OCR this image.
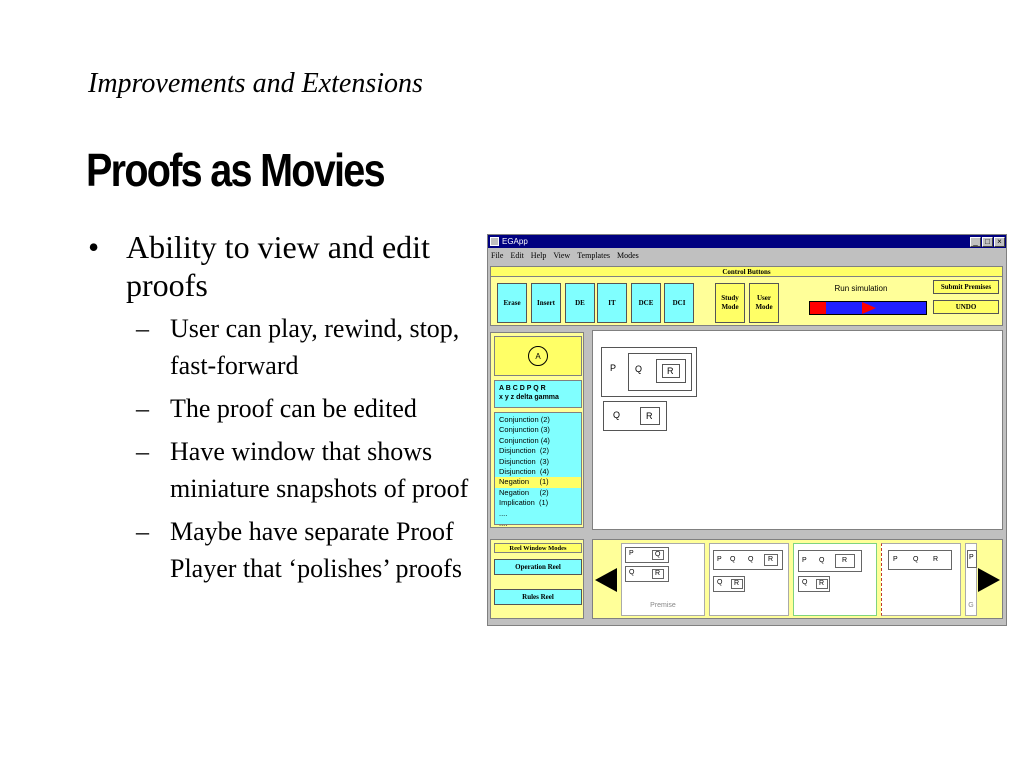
Improvements and Extensions
Proofs as Movies
• Ability to view and edit proofs
– User can play, rewind, stop, fast-forward
– The proof can be edited
– Have window that shows miniature snapshots of proof
– Maybe have separate Proof Player that ‘polishes’ proofs
EGApp	_ □ ×
File Edit Help View Templates Modes
Control Buttons
Erase	Insert	DE	IT	DCE	DCI
Study Mode
User Mode
Run simulation	Submit Premises
UNDO
A
A B C D P Q R
x y z delta gamma
Conjunction (2)
Conjunction (3)
Conjunction (4)
Disjunction  (2)
Disjunction  (3)
Disjunction  (4)
Negation     (1)
Negation     (2)
Implication  (1)
....
....
P Q	R
Q	R
Reel Window Modes
Operation Reel
Rules Reel
P	Q
Q	R
Premise
P Q Q R
Q R
P Q	R
Q R
P Q R	P
G
